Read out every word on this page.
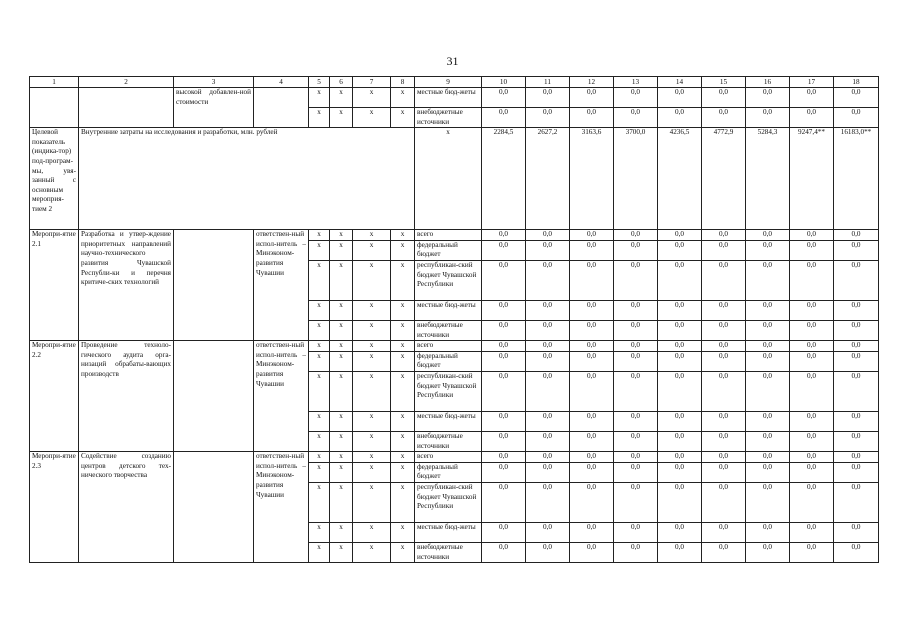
31
1	2	3	4	5	6	7	8	9	10	11	12	13	14	15	16	17	18
		высокой добавлен-ной стоимости		x	x	x	x	местные бюд-жеты	0,0	0,0	0,0	0,0	0,0	0,0	0,0	0,0	0,0
				x	x	x	x	внебюджетные источники	0,0	0,0	0,0	0,0	0,0	0,0	0,0	0,0	0,0
Целевой показатель (индика-тор) под-програм-мы, увя-занный с основным мероприя-тием 2	Внутренние затраты на исследования и разработки, млн. рублей							x	2284,5	2627,2	3163,6	3700,0	4236,5	4772,9	5284,3	9247,4**	16183,0**
Меропри-ятие 2.1	Разработка и утвер-ждение приоритетных направлений научно-технического развития Чувашской Республи-ки и перечня критиче-ских технологий		ответствен-ный испол-нитель – Минэконом-развития Чувашии	x	x	x	x	всего	0,0	0,0	0,0	0,0	0,0	0,0	0,0	0,0	0,0
				x	x	x	x	федеральный бюджет	0,0	0,0	0,0	0,0	0,0	0,0	0,0	0,0	0,0
				x	x	x	x	республикан-ский бюджет Чувашской Республики	0,0	0,0	0,0	0,0	0,0	0,0	0,0	0,0	0,0
				x	x	x	x	местные бюд-жеты	0,0	0,0	0,0	0,0	0,0	0,0	0,0	0,0	0,0
				x	x	x	x	внебюджетные источники	0,0	0,0	0,0	0,0	0,0	0,0	0,0	0,0	0,0
Меропри-ятие 2.2	Проведение техноло-гического аудита орга-низаций обрабаты-вающих производств		ответствен-ный испол-нитель – Минэконом-развития Чувашии	x	x	x	x	всего	0,0	0,0	0,0	0,0	0,0	0,0	0,0	0,0	0,0
				x	x	x	x	федеральный бюджет	0,0	0,0	0,0	0,0	0,0	0,0	0,0	0,0	0,0
				x	x	x	x	республикан-ский бюджет Чувашской Республики	0,0	0,0	0,0	0,0	0,0	0,0	0,0	0,0	0,0
				x	x	x	x	местные бюд-жеты	0,0	0,0	0,0	0,0	0,0	0,0	0,0	0,0	0,0
				x	x	x	x	внебюджетные источники	0,0	0,0	0,0	0,0	0,0	0,0	0,0	0,0	0,0
Меропри-ятие 2.3	Содействие созданию центров детского тех-нического творчества		ответствен-ный испол-нитель – Минэконом-развития Чувашии	x	x	x	x	всего	0,0	0,0	0,0	0,0	0,0	0,0	0,0	0,0	0,0
				x	x	x	x	федеральный бюджет	0,0	0,0	0,0	0,0	0,0	0,0	0,0	0,0	0,0
				x	x	x	x	республикан-ский бюджет Чувашской Республики	0,0	0,0	0,0	0,0	0,0	0,0	0,0	0,0	0,0
				x	x	x	x	местные бюд-жеты	0,0	0,0	0,0	0,0	0,0	0,0	0,0	0,0	0,0
				x	x	x	x	внебюджетные источники	0,0	0,0	0,0	0,0	0,0	0,0	0,0	0,0	0,0
